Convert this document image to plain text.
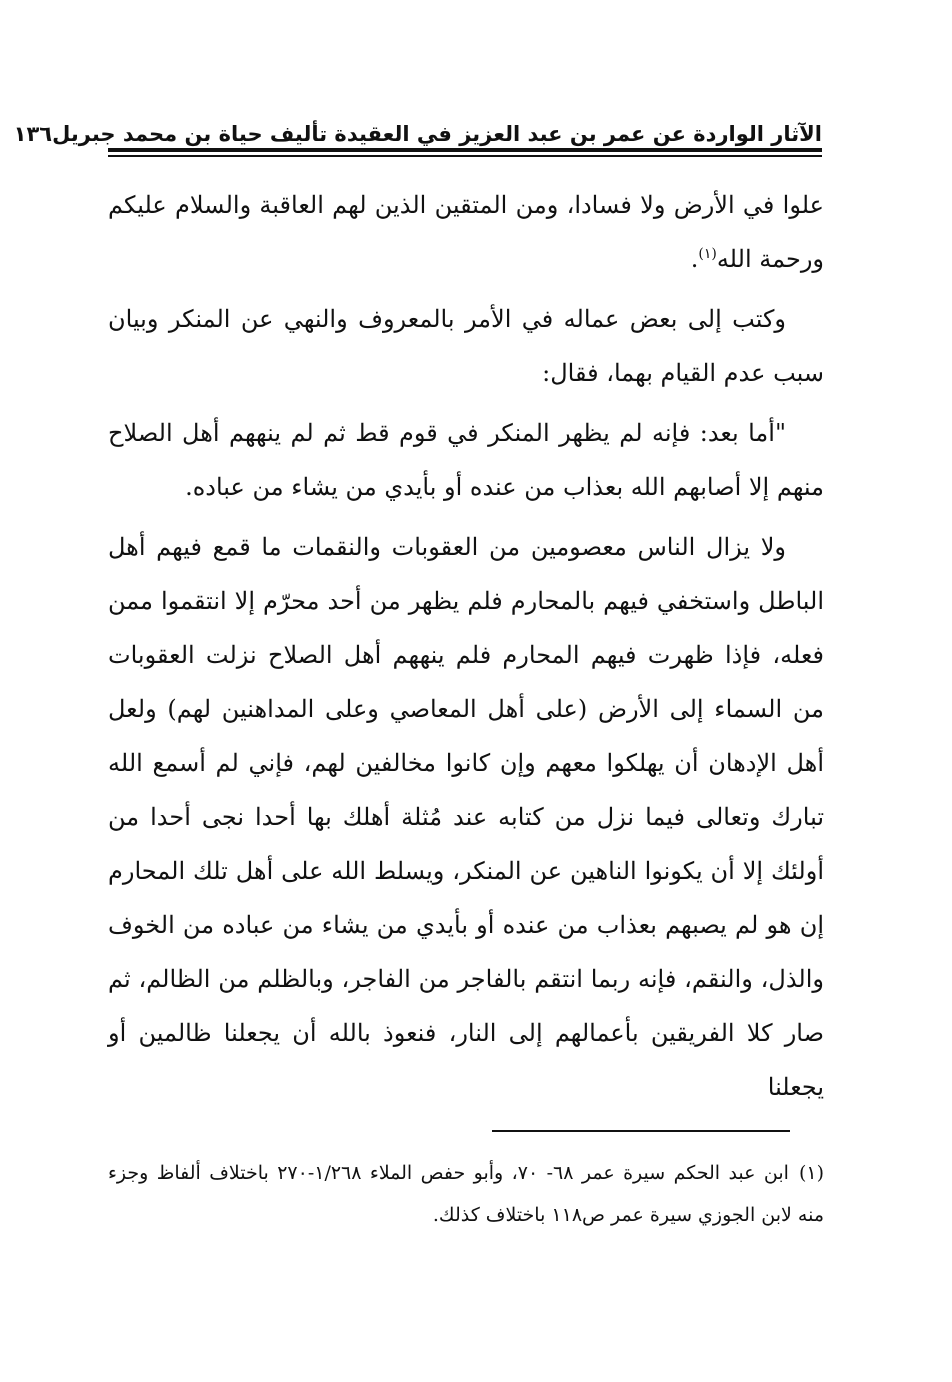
الآثار الواردة عن عمر بن عبد العزيز في العقيدة تأليف حياة بن محمد جبريل
١٣٦

علوا في الأرض ولا فسادا، ومن المتقين الذين لهم العاقبة والسلام عليكم ورحمة الله$^{(١)}$.

وكتب إلى بعض عماله في الأمر بالمعروف والنهي عن المنكر وبيان سبب عدم القيام بهما، فقال:

"أما بعد: فإنه لم يظهر المنكر في قوم قط ثم لم ينههم أهل الصلاح منهم إلا أصابهم الله بعذاب من عنده أو بأيدي من يشاء من عباده.

ولا يزال الناس معصومين من العقوبات والنقمات ما قمع فيهم أهل الباطل واستخفي فيهم بالمحارم فلم يظهر من أحد محرّم إلا انتقموا ممن فعله، فإذا ظهرت فيهم المحارم فلم ينههم أهل الصلاح نزلت العقوبات من السماء إلى الأرض (على أهل المعاصي وعلى المداهنين لهم) ولعل أهل الإدهان أن يهلكوا معهم وإن كانوا مخالفين لهم، فإني لم أسمع الله تبارك وتعالى فيما نزل من كتابه عند مُثلة أهلك بها أحدا نجى أحدا من أولئك إلا أن يكونوا الناهين عن المنكر، ويسلط الله على أهل تلك المحارم إن هو لم يصبهم بعذاب من عنده أو بأيدي من يشاء من عباده من الخوف والذل، والنقم، فإنه ربما انتقم بالفاجر من الفاجر، وبالظلم من الظالم، ثم صار كلا الفريقين بأعمالهم إلى النار، فنعوذ بالله أن يجعلنا ظالمين أو يجعلنا

(١)ابن عبد الحكم سيرة عمر ٦٨- ٧٠، وأبو حفص الملاء ١/٢٦٨-٢٧٠ باختلاف ألفاظ وجزء منه لابن الجوزي سيرة عمر ص١١٨ باختلاف كذلك.
